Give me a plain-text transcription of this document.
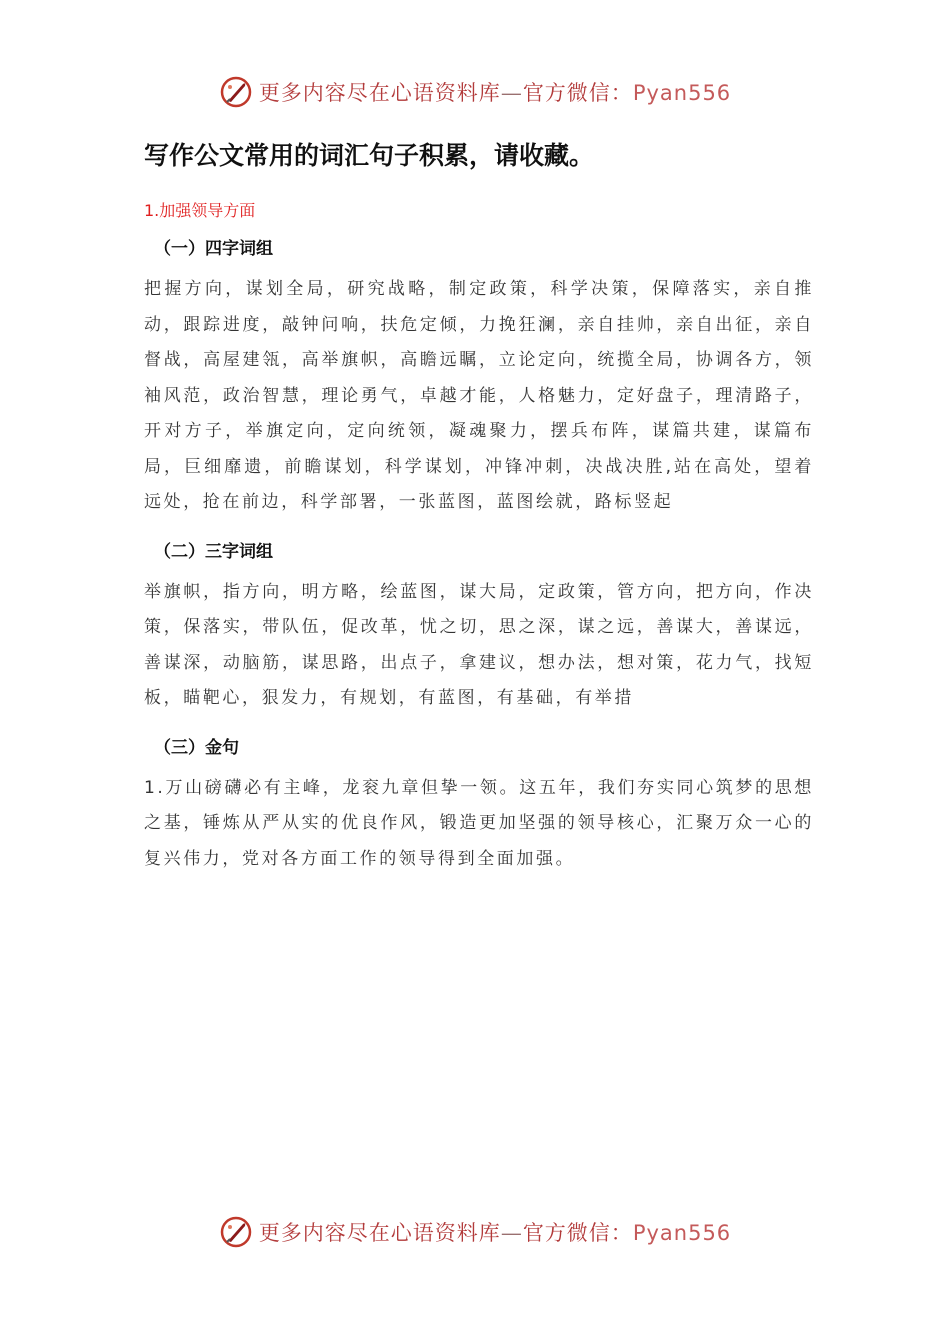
更多内容尽在心语资料库—官方微信：Pyan556
写作公文常用的词汇句子积累，请收藏。
1.加强领导方面
（一）四字词组

把握方向，谋划全局，研究战略，制定政策，科学决策，保障落实，亲自推动，跟踪进度，敲钟问响，扶危定倾，力挽狂澜，亲自挂帅，亲自出征，亲自督战，高屋建瓴，高举旗帜，高瞻远瞩，立论定向，统揽全局，协调各方，领袖风范，政治智慧，理论勇气，卓越才能，人格魅力，定好盘子，理清路子，开对方子，举旗定向，定向统领，凝魂聚力，摆兵布阵，谋篇共建，谋篇布局，巨细靡遗，前瞻谋划，科学谋划，冲锋冲刺，决战决胜,站在高处，望着远处，抢在前边，科学部署，一张蓝图，蓝图绘就，路标竖起

（二）三字词组

举旗帜，指方向，明方略，绘蓝图，谋大局，定政策，管方向，把方向，作决策，保落实，带队伍，促改革，忧之切，思之深，谋之远，善谋大，善谋远，善谋深，动脑筋，谋思路，出点子，拿建议，想办法，想对策，花力气，找短板，瞄靶心，狠发力，有规划，有蓝图，有基础，有举措

（三）金句

1.万山磅礴必有主峰，龙衮九章但挚一领。这五年，我们夯实同心筑梦的思想之基，锤炼从严从实的优良作风，锻造更加坚强的领导核心，汇聚万众一心的复兴伟力，党对各方面工作的领导得到全面加强。

更多内容尽在心语资料库—官方微信：Pyan556
